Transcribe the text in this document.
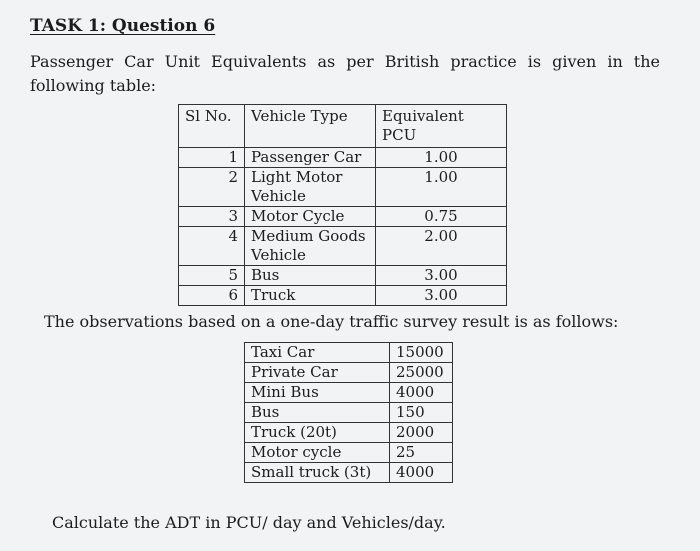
TASK 1: Question 6
Passenger Car Unit Equivalents as per British practice is given in the following table:
Sl No.	Vehicle Type	Equivalent PCU
1	Passenger Car	1.00
2	Light Motor Vehicle	1.00
3	Motor Cycle	0.75
4	Medium Goods Vehicle	2.00
5	Bus	3.00
6	Truck	3.00
The observations based on a one-day traffic survey result is as follows:
Taxi Car	15000
Private Car	25000
Mini Bus	4000
Bus	150
Truck (20t)	2000
Motor cycle	25
Small truck (3t)	4000
Calculate the ADT in PCU/ day and Vehicles/day.
